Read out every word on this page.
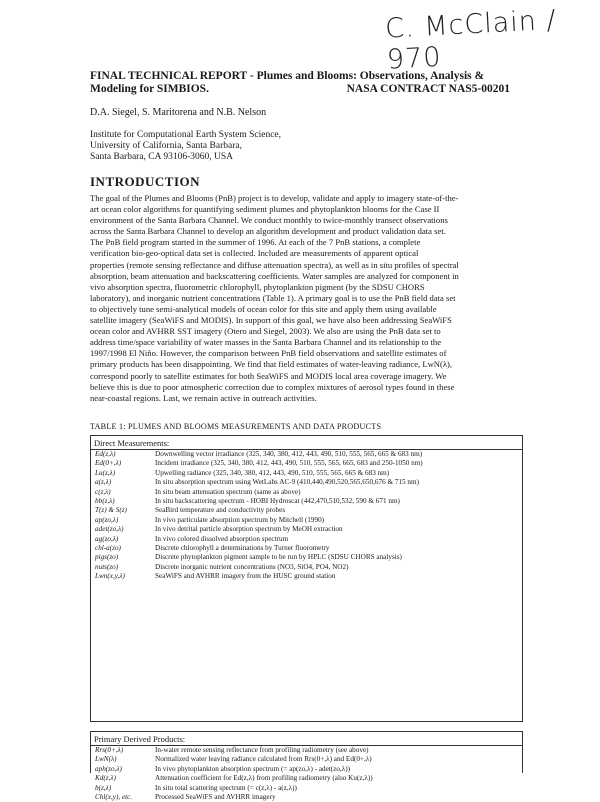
C. McClain / 970
FINAL TECHNICAL REPORT - Plumes and Blooms: Observations, Analysis &
Modeling for SIMBIOS.	NASA CONTRACT NAS5-00201
D.A. Siegel, S. Maritorena and N.B. Nelson
Institute for Computational Earth System Science,
University of California, Santa Barbara,
Santa Barbara, CA 93106-3060, USA
INTRODUCTION
The goal of the Plumes and Blooms (PnB) project is to develop, validate and apply to imagery state-of-the-
art ocean color algorithms for quantifying sediment plumes and phytoplankton blooms for the Case II
environment of the Santa Barbara Channel. We conduct monthly to twice-monthly transect observations
across the Santa Barbara Channel to develop an algorithm development and product validation data set.
The PnB field program started in the summer of 1996. At each of the 7 PnB stations, a complete
verification bio-geo-optical data set is collected. Included are measurements of apparent optical
properties (remote sensing reflectance and diffuse attenuation spectra), as well as in situ profiles of spectral
absorption, beam attenuation and backscattering coefficients. Water samples are analyzed for component in
vivo absorption spectra, fluorometric chlorophyll, phytoplankton pigment (by the SDSU CHORS
laboratory), and inorganic nutrient concentrations (Table 1). A primary goal is to use the PnB field data set
to objectively tune semi-analytical models of ocean color for this site and apply them using available
satellite imagery (SeaWiFS and MODIS). In support of this goal, we have also been addressing SeaWiFS
ocean color and AVHRR SST imagery (Otero and Siegel, 2003). We also are using the PnB data set to
address time/space variability of water masses in the Santa Barbara Channel and its relationship to the
1997/1998 El Niño. However, the comparison between PnB field observations and satellite estimates of
primary products has been disappointing. We find that field estimates of water-leaving radiance, LwN(λ),
correspond poorly to satellite estimates for both SeaWiFS and MODIS local area coverage imagery. We
believe this is due to poor atmospheric correction due to complex mixtures of aerosol types found in these
near-coastal regions. Last, we remain active in outreach activities.
TABLE 1: PLUMES AND BLOOMS MEASUREMENTS AND DATA PRODUCTS
Direct Measurements:
Ed(z,λ)	Downwelling vector irradiance (325, 340, 380, 412, 443, 490, 510, 555, 565, 665 & 683 nm)
Ed(0+,λ)	Incident irradiance (325, 340, 380, 412, 443, 490, 510, 555, 565, 665, 683 and 250-1050 nm)
Lu(z,λ)	Upwelling radiance (325, 340, 380, 412, 443, 490, 510, 555, 565, 665 & 683 nm)
a(z,λ)	In situ absorption spectrum using WetLabs AC-9 (410,440,490,520,565,650,676 & 715 nm)
c(z,λ)	In situ beam attenuation spectrum (same as above)
bb(z,λ)	In situ backscattering spectrum - HOBI Hydroscat (442,470,510,532, 590 & 671 nm)
T(z) & S(z)	SeaBird temperature and conductivity probes
ap(zo,λ)	In vivo particulate absorption spectrum by Mitchell (1990)
adet(zo,λ)	In vivo detrital particle absorption spectrum by MeOH extraction
ag(zo,λ)	In vivo colored dissolved absorption spectrum
chl-a(zo)	Discrete chlorophyll a determinations by Turner fluorometry
pigs(zo)	Discrete phytoplankton pigment sample to be run by HPLC (SDSU CHORS analysis)
nuts(zo)	Discrete inorganic nutrient concentrations (NO3, SiO4, PO4, NO2)
Lwn(x,y,λ)	SeaWiFS and AVHRR imagery from the HUSC ground station
Primary Derived Products:
Rrs(0+,λ)	In-water remote sensing reflectance from profiling radiometry (see above)
LwN(λ)	Normalized water leaving radiance calculated from Rrs(0+,λ) and Ed(0+,λ)
aph(zo,λ)	In vivo phytoplankton absorption spectrum (= ap(zo,λ) - adet(zo,λ))
Kd(z,λ)	Attenuation coefficient for Ed(z,λ) from profiling radiometry (also Ku(z,λ))
b(z,λ)	In situ total scattering spectrum (= c(z,λ) - a(z,λ))
Chl(x,y), etc.	Processed SeaWiFS and AVHRR imagery
